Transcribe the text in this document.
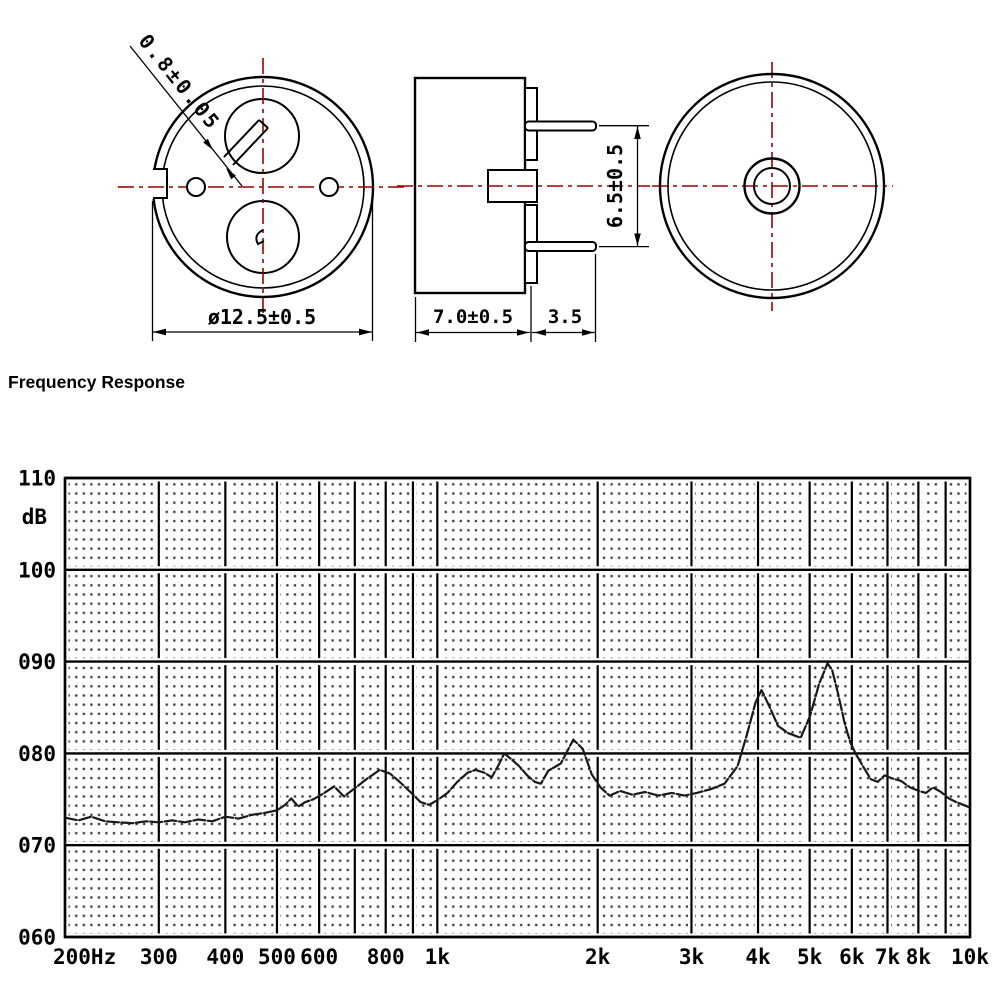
0.8±0.05
ø12.5±0.5
6.5±0.5
7.0±0.5 3.5
Frequency Response
110
100
090
080
070
060
dB
200Hz 300 400 500 600 800 1k	2k	3k 4k 5k 6k 7k 8k 10k
